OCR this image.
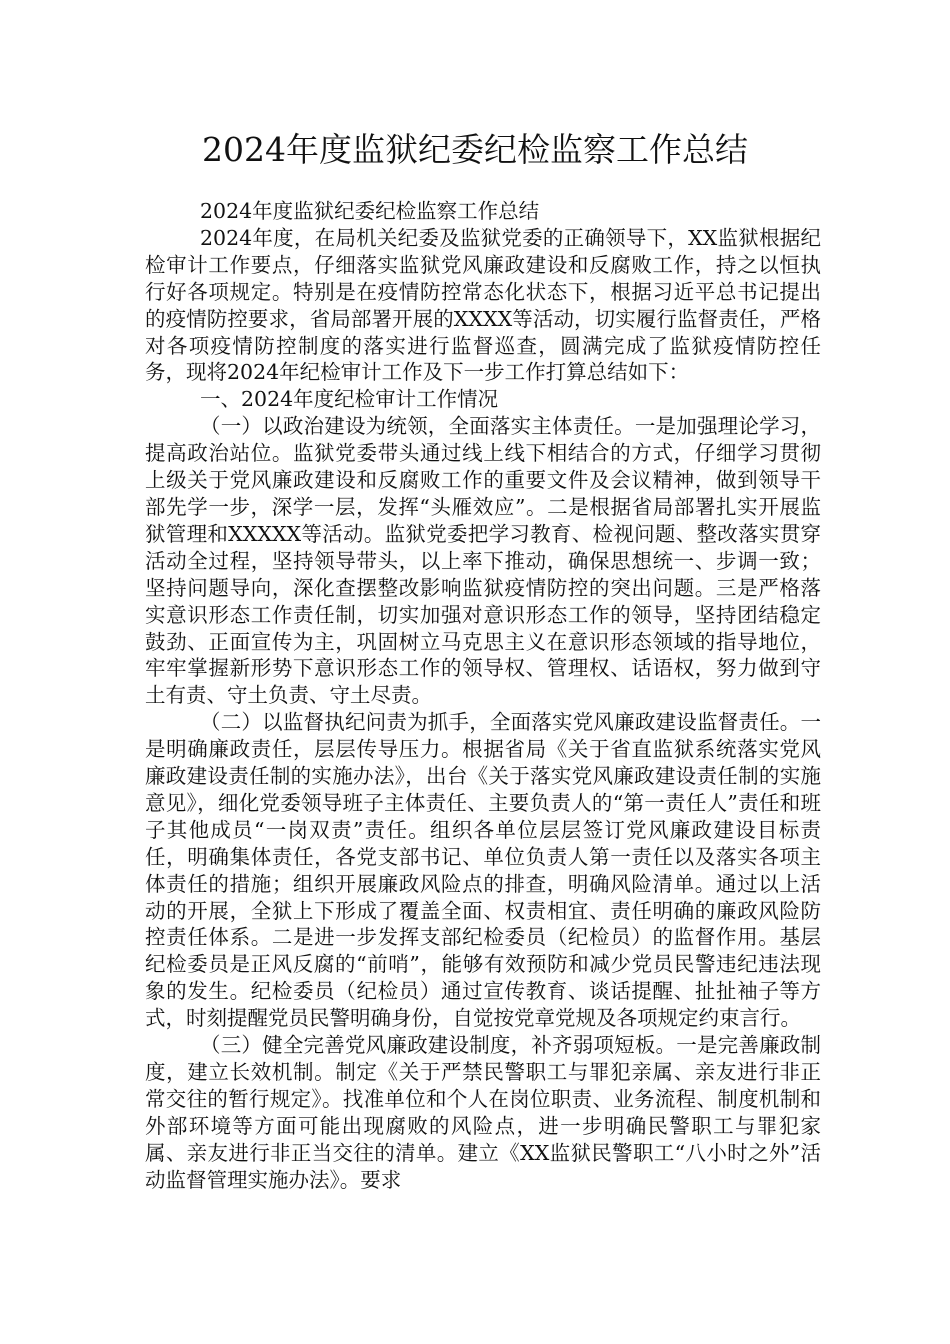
2024年度监狱纪委纪检监察工作总结

2024年度监狱纪委纪检监察工作总结

2024年度，在局机关纪委及监狱党委的正确领导下，XX监狱根据纪检审计工作要点，仔细落实监狱党风廉政建设和反腐败工作，持之以恒执行好各项规定。特别是在疫情防控常态化状态下，根据习近平总书记提出的疫情防控要求，省局部署开展的XXXX等活动，切实履行监督责任，严格对各项疫情防控制度的落实进行监督巡查，圆满完成了监狱疫情防控任务，现将2024年纪检审计工作及下一步工作打算总结如下：

一、2024年度纪检审计工作情况

（一）以政治建设为统领，全面落实主体责任。一是加强理论学习，提高政治站位。监狱党委带头通过线上线下相结合的方式，仔细学习贯彻上级关于党风廉政建设和反腐败工作的重要文件及会议精神，做到领导干部先学一步，深学一层，发挥“头雁效应”。二是根据省局部署扎实开展监狱管理和XXXXX等活动。监狱党委把学习教育、检视问题、整改落实贯穿活动全过程，坚持领导带头，以上率下推动，确保思想统一、步调一致；坚持问题导向，深化查摆整改影响监狱疫情防控的突出问题。三是严格落实意识形态工作责任制，切实加强对意识形态工作的领导，坚持团结稳定鼓劲、正面宣传为主，巩固树立马克思主义在意识形态领域的指导地位，牢牢掌握新形势下意识形态工作的领导权、管理权、话语权，努力做到守土有责、守土负责、守土尽责。

（二）以监督执纪问责为抓手，全面落实党风廉政建设监督责任。一是明确廉政责任，层层传导压力。根据省局《关于省直监狱系统落实党风廉政建设责任制的实施办法》，出台《关于落实党风廉政建设责任制的实施意见》，细化党委领导班子主体责任、主要负责人的“第一责任人”责任和班子其他成员“一岗双责”责任。组织各单位层层签订党风廉政建设目标责任，明确集体责任，各党支部书记、单位负责人第一责任以及落实各项主体责任的措施；组织开展廉政风险点的排查，明确风险清单。通过以上活动的开展，全狱上下形成了覆盖全面、权责相宜、责任明确的廉政风险防控责任体系。二是进一步发挥支部纪检委员（纪检员）的监督作用。基层纪检委员是正风反腐的“前哨”，能够有效预防和减少党员民警违纪违法现象的发生。纪检委员（纪检员）通过宣传教育、谈话提醒、扯扯袖子等方式，时刻提醒党员民警明确身份，自觉按党章党规及各项规定约束言行。

（三）健全完善党风廉政建设制度，补齐弱项短板。一是完善廉政制度，建立长效机制。制定《关于严禁民警职工与罪犯亲属、亲友进行非正常交往的暂行规定》。找准单位和个人在岗位职责、业务流程、制度机制和外部环境等方面可能出现腐败的风险点，进一步明确民警职工与罪犯家属、亲友进行非正当交往的清单。建立《XX监狱民警职工“八小时之外”活动监督管理实施办法》。要求
